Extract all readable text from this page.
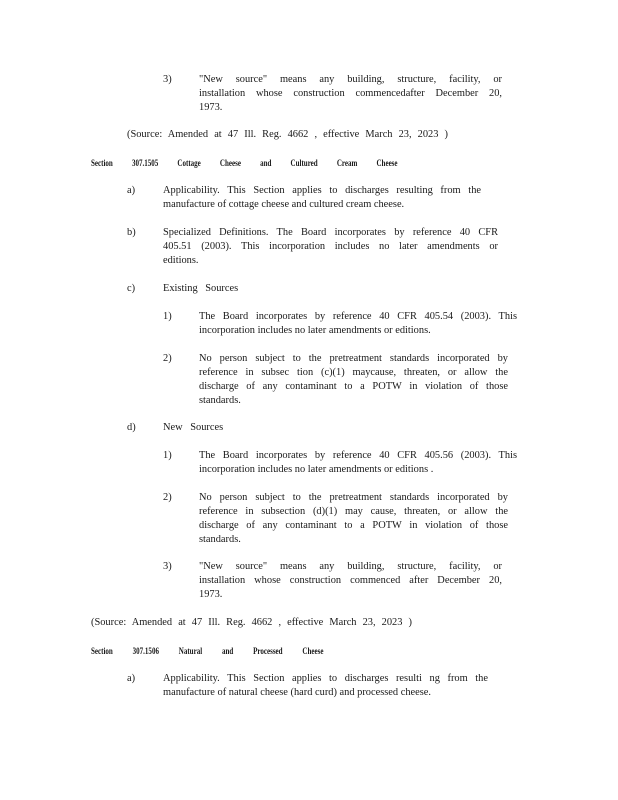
3)	"New source" means any building, structure, facility, or
installation whose construction commencedafter December 20,
1973.
(Source: Amended at 47 Ill. Reg. 4662 , effective March 23, 2023 )
Section 307.1505 Cottage Cheese and Cultured Cream Cheese
a)	Applicability. This Section applies to discharges resulting from the
manufacture of cottage cheese and cultured cream cheese.
b)	Specialized Definitions. The Board incorporates by reference 40 CFR
405.51 (2003). This incorporation includes no later amendments or
editions.
c)	Existing Sources
1)	The Board incorporates by reference 40 CFR 405.54 (2003). This
incorporation includes no later amendments or editions.
2)	No person subject to the pretreatment standards incorporated by
reference in subsec tion (c)(1) maycause, threaten, or allow the
discharge of any contaminant to a POTW in violation of those
standards.
d)	New Sources
1)	The Board incorporates by reference 40 CFR 405.56 (2003). This
incorporation includes no later amendments or editions .
2)	No person subject to the pretreatment standards incorporated by
reference in subsection (d)(1) may cause, threaten, or allow the
discharge of any contaminant to a POTW in violation of those
standards.
3)	"New source" means any building, structure, facility, or
installation whose construction commenced after December 20,
1973.
(Source: Amended at 47 Ill. Reg. 4662 , effective March 23, 2023 )
Section 307.1506 Natural and Processed Cheese
a)	Applicability. This Section applies to discharges resulti ng from the
manufacture of natural cheese (hard curd) and processed cheese.
